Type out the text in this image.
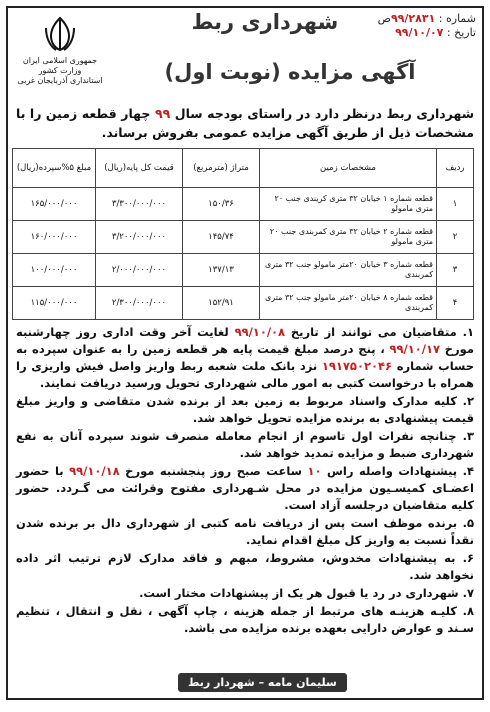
شماره : ۹۹/۲۸۳۱ص
تاریخ : ۹۹/۱۰/۰۷
شهرداری ربط
آگهی مزایده (نوبت اول)
جمهوری اسلامی ایران
وزارت کشور
استانداری آذربایجان غربی
شهرداری ربط درنظر دارد در راستای بودجه سال ۹۹ چهار قطعه زمین را با مشخصات ذیل از طریق آگهی مزایده عمومی بفروش برساند.
ردیف	مشخصات زمین	متراژ (مترمربع)	قیمت کل پایه(ریال)	مبلغ ۵%سپرده(ریال)
۱	قطعه شماره ۱ خیابان ۳۲ متری کریندی جنب ۲۰ متری مامولو	۱۵۰/۳۶	۳/۳۰۰/۰۰۰/۰۰۰	۱۶۵/۰۰۰/۰۰۰
۲	قطعه شماره ۲ خیابان ۳۲ متری کمربندی جنب ۲۰ متری مامولو	۱۴۵/۷۴	۳/۲۰۰/۰۰۰/۰۰۰	۱۶۰/۰۰۰/۰۰۰
۳	قطعه شماره ۳ خیابان ۲۰متر مامولو جنب ۳۲ متری کمربندی	۱۳۷/۱۳	۲/۰۰۰/۰۰۰/۰۰۰	۱۰۰/۰۰۰/۰۰۰
۴	قطعه شماره ۸ خیابان ۲۰متر مامولو جنب ۳۲ متری کمربندی	۱۵۲/۹۱	۲/۳۰۰/۰۰۰/۰۰۰	۱۱۵/۰۰۰/۰۰۰

۱. متقاضیان می توانند از تاریخ ۹۹/۱۰/۰۸ لغایت آخر وقت اداری روز چهارشنبه مورخ ۹۹/۱۰/۱۷ ، پنج درصد مبلغ قیمت پایه هر قطعه زمین را به عنوان سپرده به حساب شماره ۱۹۱۷۵۰۲۰۴۶ نزد بانک ملت شعبه ربط واریز واصل فیش واریزی را همراه با درخواست کتبی به امور مالی شهرداری تحویل ورسید دریافت نمایند.

۲. کلیه مدارک واسناد مربوط به زمین بعد از برنده شدن متقاضی و واریز مبلغ قیمت پیشنهادی به برنده مزایده تحویل خواهد شد.

۳. چنانچه نفرات اول تاسوم از انجام معامله منصرف شوند سپرده آنان به نفع شهرداری ضبط و مزایده تمدید خواهد شد.

۴. پیشنهادات واصله راس ۱۰ ساعت صبح روز پنجشنبه مورخ ۹۹/۱۰/۱۸ با حضور اعضـای کمیسـیون مزایده در محل شـهرداری مفتوح وقرائت می گـردد. حضور کلیه متقاضیان درجلسه آزاد است.

۵. برنده موظف است پس از دریافت نامه کتبی از شهرداری دال بر برنده شدن نقداً نسبت به واریز کل مبلغ اقدام نماید.

۶. به پیشنهادات مخدوش، مشروط، مبهم و فاقد مدارک لازم ترتیب اثر داده نخواهد شد.

۷. شهرداری در رد یا قبول هر یک از پیشنهادات مختار است.

۸. کلیـه هزینـه های مرتبط از جمله هزینه ، چاپ آگهی ، نقل و انتقال ، تنظیم سـند و عوارض دارایی بعهده برنده مزایده می باشد.

سلیمان مامه – شهردار ربط
